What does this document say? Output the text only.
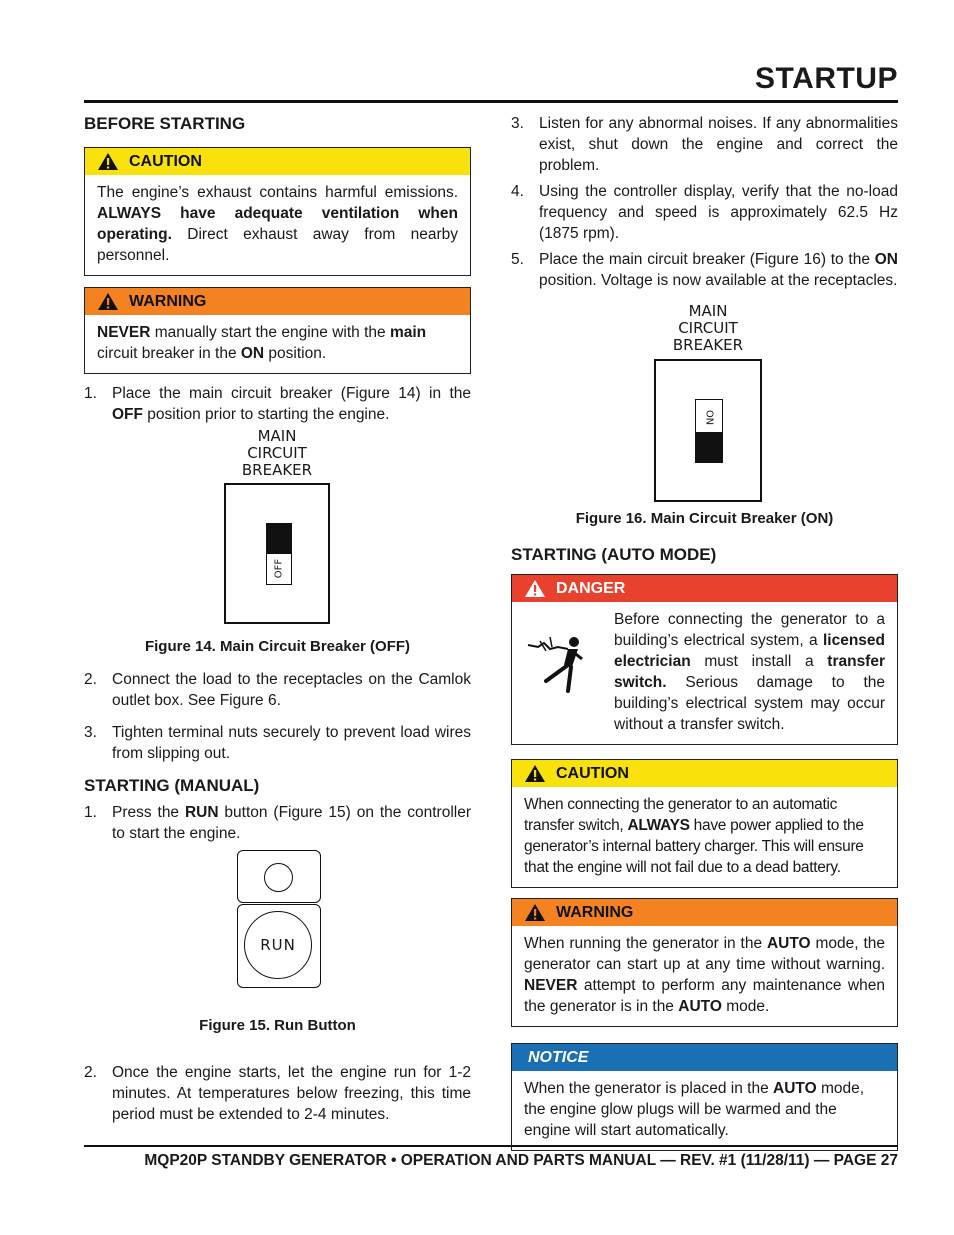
STARTUP
BEFORE STARTING
CAUTION

The engine’s exhaust contains harmful emissions. ALWAYS have adequate ventilation when operating. Direct exhaust away from nearby personnel.

WARNING

NEVER manually start the engine with the main circuit breaker in the ON position.

1. Place the main circuit breaker (Figure 14) in the OFF position prior to starting the engine.
MAIN
CIRCUIT
BREAKER
OFF
Figure 14. Main Circuit Breaker (OFF)
2. Connect the load to the receptacles on the Camlok outlet box. See Figure 6.
3. Tighten terminal nuts securely to prevent load wires from slipping out.
STARTING (MANUAL)
1. Press the RUN button (Figure 15) on the controller to start the engine.
RUN
Figure 15. Run Button
2. Once the engine starts, let the engine run for 1-2 minutes. At temperatures below freezing, this time period must be extended to 2-4 minutes.
3. Listen for any abnormal noises. If any abnormalities exist, shut down the engine and correct the problem.
4. Using the controller display, verify that the no-load frequency and speed is approximately 62.5 Hz (1875 rpm).
5. Place the main circuit breaker (Figure 16) to the ON position. Voltage is now available at the receptacles.
MAIN
CIRCUIT
BREAKER
ON
Figure 16. Main Circuit Breaker (ON)
STARTING (AUTO MODE)
DANGER

Before connecting the generator to a building’s electrical system, a licensed electrician must install a transfer switch. Serious damage to the building’s electrical system may occur without a transfer switch.

CAUTION

When connecting the generator to an automatic transfer switch, ALWAYS have power applied to the generator’s internal battery charger. This will ensure that the engine will not fail due to a dead battery.

WARNING

When running the generator in the AUTO mode, the generator can start up at any time without warning. NEVER attempt to perform any maintenance when the generator is in the AUTO mode.

NOTICE

When the generator is placed in the AUTO mode, the engine glow plugs will be warmed and the engine will start automatically.

MQP20P STANDBY GENERATOR • OPERATION AND PARTS MANUAL — REV. #1 (11/28/11) — PAGE 27
